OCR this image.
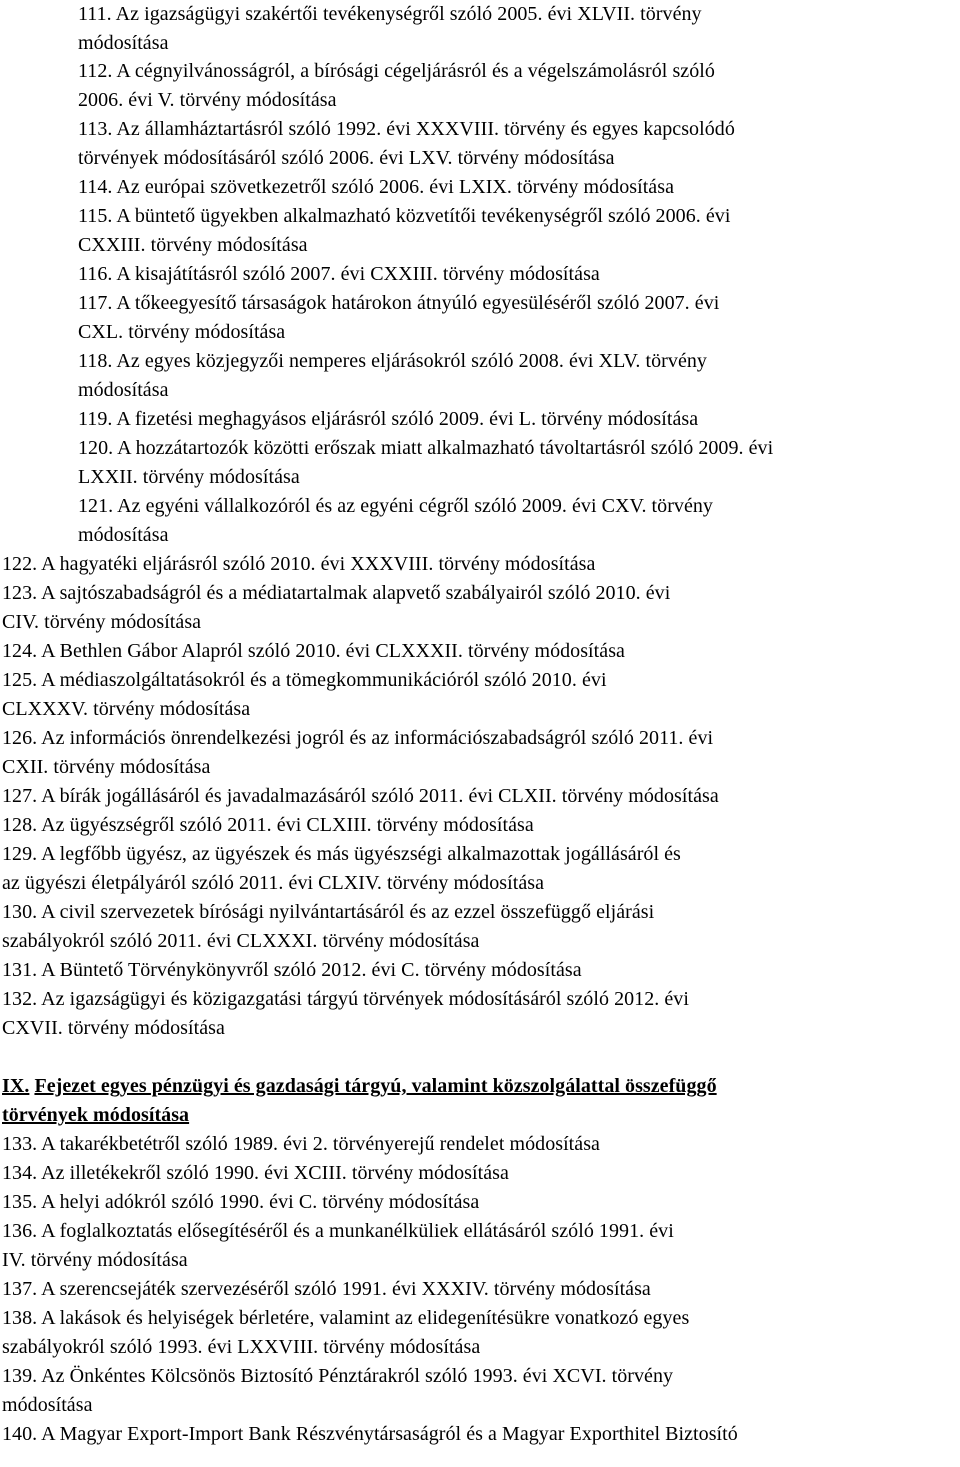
111. Az igazságügyi szakértői tevékenységről szóló 2005. évi XLVII. törvény
módosítása
112. A cégnyilvánosságról, a bírósági cégeljárásról és a végelszámolásról szóló
2006. évi V. törvény módosítása
113. Az államháztartásról szóló 1992. évi XXXVIII. törvény és egyes kapcsolódó
törvények módosításáról szóló 2006. évi LXV. törvény módosítása
114. Az európai szövetkezetről szóló 2006. évi LXIX. törvény módosítása
115. A büntető ügyekben alkalmazható közvetítői tevékenységről szóló 2006. évi
CXXIII. törvény módosítása
116. A kisajátításról szóló 2007. évi CXXIII. törvény módosítása
117. A tőkeegyesítő társaságok határokon átnyúló egyesüléséről szóló 2007. évi
CXL. törvény módosítása
118. Az egyes közjegyzői nemperes eljárásokról szóló 2008. évi XLV. törvény
módosítása
119. A fizetési meghagyásos eljárásról szóló 2009. évi L. törvény módosítása
120. A hozzátartozók közötti erőszak miatt alkalmazható távoltartásról szóló 2009. évi
LXXII. törvény módosítása
121. Az egyéni vállalkozóról és az egyéni cégről szóló 2009. évi CXV. törvény
módosítása
122. A hagyatéki eljárásról szóló 2010. évi XXXVIII. törvény módosítása
123. A sajtószabadságról és a médiatartalmak alapvető szabályairól szóló 2010. évi
CIV. törvény módosítása
124. A Bethlen Gábor Alapról szóló 2010. évi CLXXXII. törvény módosítása
125. A médiaszolgáltatásokról és a tömegkommunikációról szóló 2010. évi
CLXXXV. törvény módosítása
126. Az információs önrendelkezési jogról és az információszabadságról szóló 2011. évi
CXII. törvény módosítása
127. A bírák jogállásáról és javadalmazásáról szóló 2011. évi CLXII. törvény módosítása
128. Az ügyészségről szóló 2011. évi CLXIII. törvény módosítása
129. A legfőbb ügyész, az ügyészek és más ügyészségi alkalmazottak jogállásáról és
az ügyészi életpályáról szóló 2011. évi CLXIV. törvény módosítása
130. A civil szervezetek bírósági nyilvántartásáról és az ezzel összefüggő eljárási
szabályokról szóló 2011. évi CLXXXI. törvény módosítása
131. A Büntető Törvénykönyvről szóló 2012. évi C. törvény módosítása
132. Az igazságügyi és közigazgatási tárgyú törvények módosításáról szóló 2012. évi
CXVII. törvény módosítása
IX. Fejezet egyes pénzügyi és gazdasági tárgyú, valamint közszolgálattal összefüggő
törvények módosítása
133. A takarékbetétről szóló 1989. évi 2. törvényerejű rendelet módosítása
134. Az illetékekről szóló 1990. évi XCIII. törvény módosítása
135. A helyi adókról szóló 1990. évi C. törvény módosítása
136. A foglalkoztatás elősegítéséről és a munkanélküliek ellátásáról szóló 1991. évi
IV. törvény módosítása
137. A szerencsejáték szervezéséről szóló 1991. évi XXXIV. törvény módosítása
138. A lakások és helyiségek bérletére, valamint az elidegenítésükre vonatkozó egyes
szabályokról szóló 1993. évi LXXVIII. törvény módosítása
139. Az Önkéntes Kölcsönös Biztosító Pénztárakról szóló 1993. évi XCVI. törvény
módosítása
140. A Magyar Export-Import Bank Részvénytársaságról és a Magyar Exporthitel Biztosító
